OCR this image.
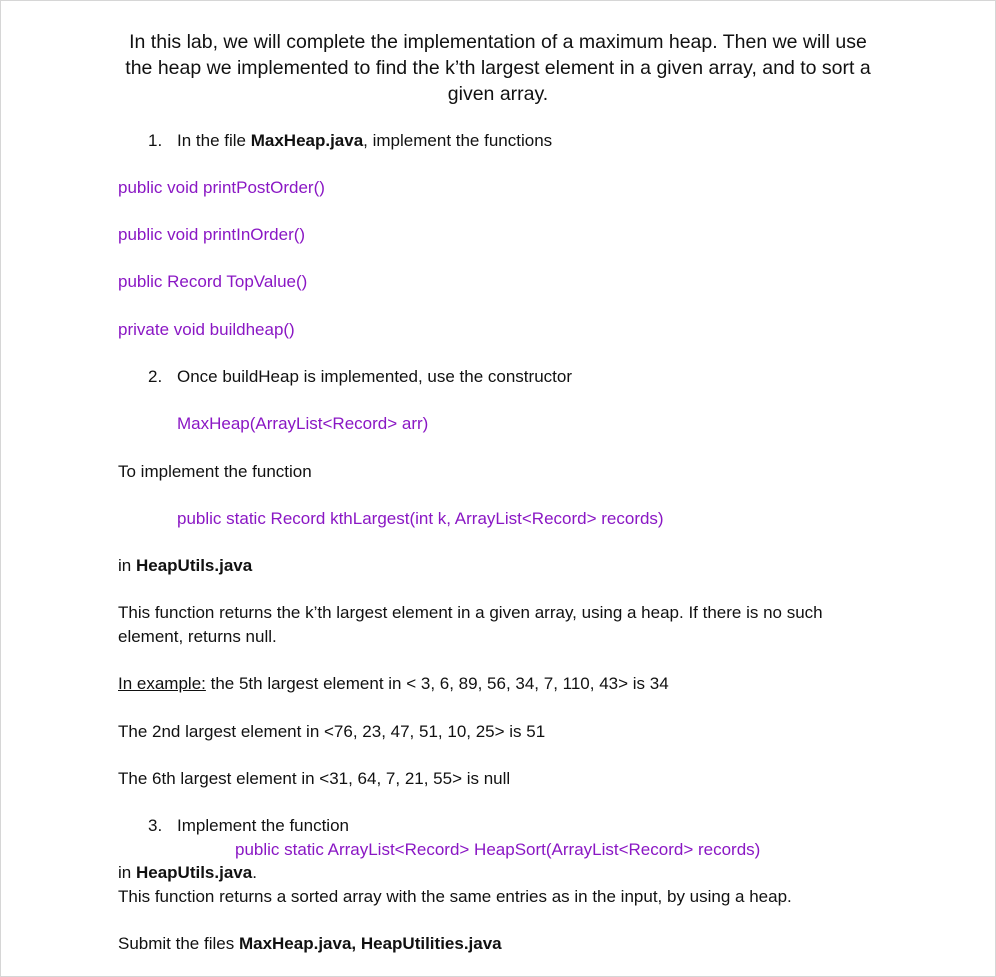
In this lab, we will complete the implementation of a maximum heap. Then we will use
the heap we implemented to find the k’th largest element in a given array, and to sort a
given array.
1. In the file MaxHeap.java, implement the functions
public void printPostOrder()
public void printInOrder()
public Record TopValue()
private void buildheap()
2. Once buildHeap is implemented, use the constructor
MaxHeap(ArrayList<Record> arr)
To implement the function
public static Record kthLargest(int k, ArrayList<Record> records)
in HeapUtils.java
This function returns the k’th largest element in a given array, using a heap. If there is no such
element, returns null.
In example: the 5th largest element in < 3, 6, 89, 56, 34, 7, 110, 43> is 34
The 2nd largest element in <76, 23, 47, 51, 10, 25> is 51
The 6th largest element in <31, 64, 7, 21, 55> is null
3. Implement the function
public static ArrayList<Record> HeapSort(ArrayList<Record> records)
in HeapUtils.java.
This function returns a sorted array with the same entries as in the input, by using a heap.
Submit the files MaxHeap.java, HeapUtilities.java
